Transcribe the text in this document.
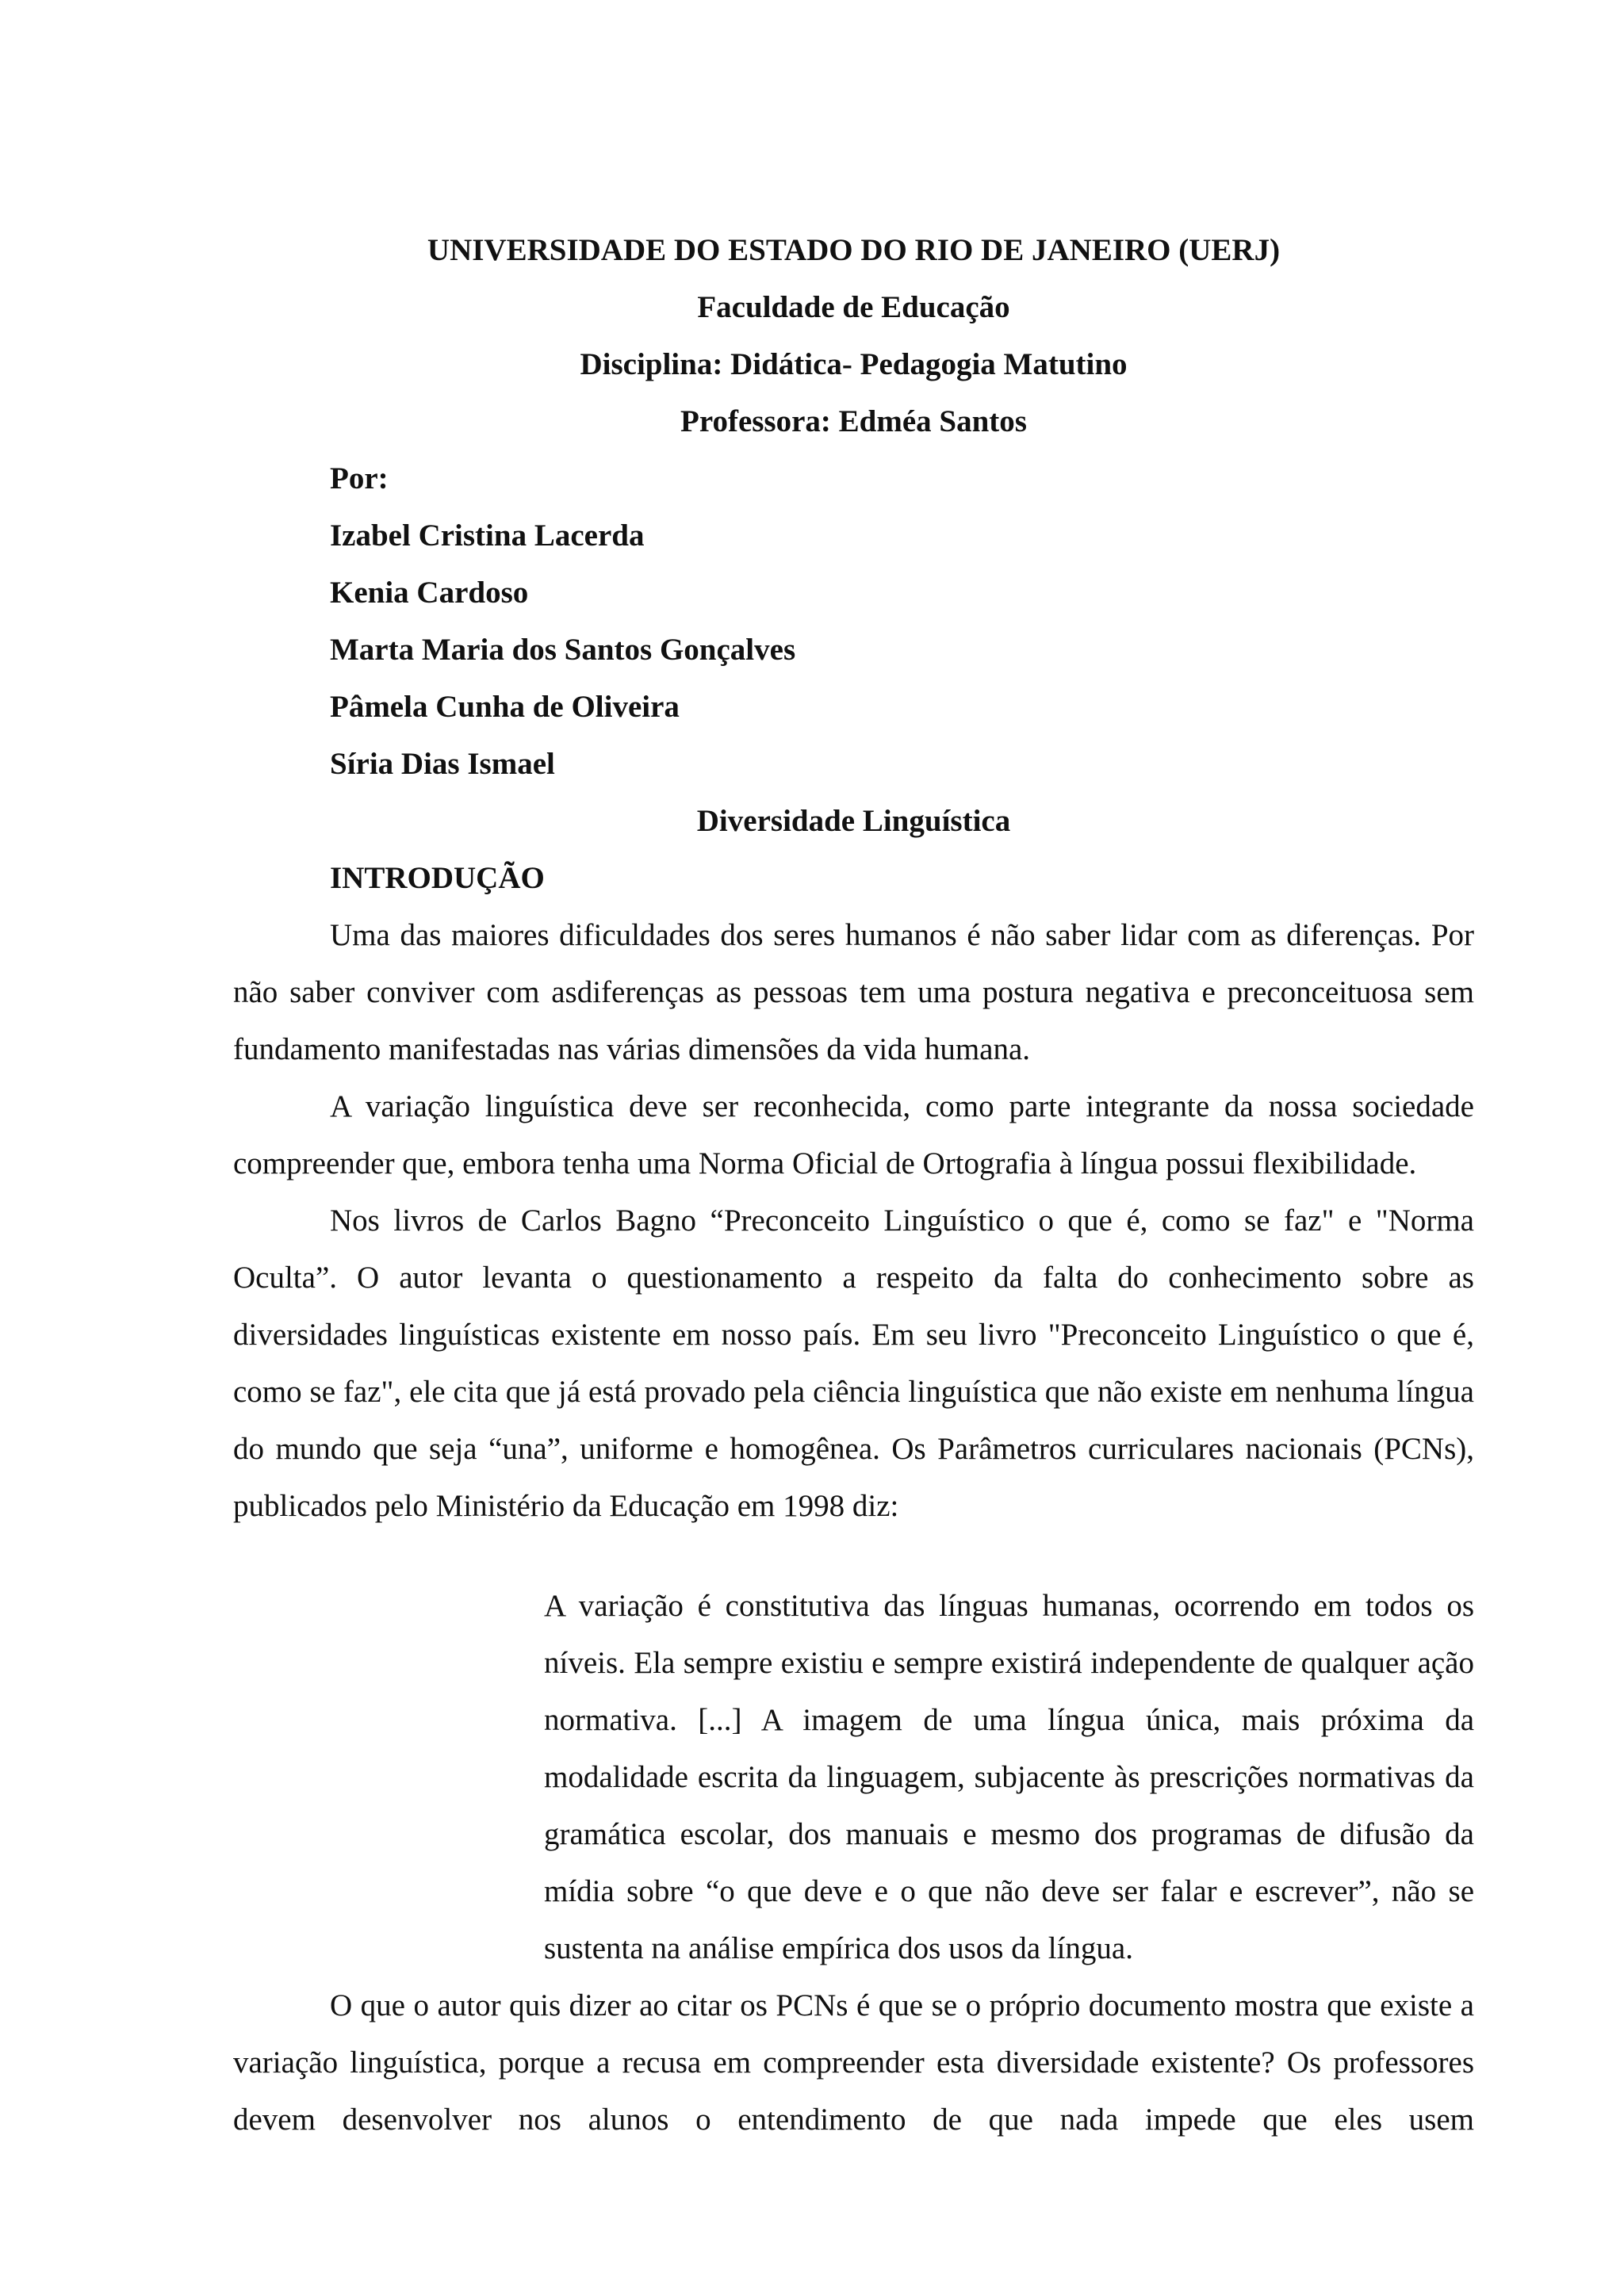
UNIVERSIDADE DO ESTADO DO RIO DE JANEIRO (UERJ)
Faculdade de Educação
Disciplina: Didática- Pedagogia Matutino
Professora: Edméa Santos
Por:
Izabel Cristina Lacerda
Kenia Cardoso
Marta Maria dos Santos Gonçalves
Pâmela Cunha de Oliveira
Síria Dias Ismael
Diversidade Linguística
INTRODUÇÃO

Uma das maiores dificuldades dos seres humanos é não saber lidar com as diferenças. Por não saber conviver com asdiferenças as pessoas tem uma postura negativa e preconceituosa sem fundamento manifestadas nas várias dimensões da vida humana.

A variação linguística deve ser reconhecida, como parte integrante da nossa sociedade compreender que, embora tenha uma Norma Oficial de Ortografia à língua possui flexibilidade.

Nos livros de Carlos Bagno “Preconceito Linguístico o que é, como se faz" e "Norma Oculta”. O autor levanta o questionamento a respeito da falta do conhecimento sobre as diversidades linguísticas existente em nosso país. Em seu livro "Preconceito Linguístico o que é, como se faz", ele cita que já está provado pela ciência linguística que não existe em nenhuma língua do mundo que seja “una”, uniforme e homogênea. Os Parâmetros curriculares nacionais (PCNs), publicados pelo Ministério da Educação em 1998 diz:

A variação é constitutiva das línguas humanas, ocorrendo em todos os níveis. Ela sempre existiu e sempre existirá independente de qualquer ação normativa. [...] A imagem de uma língua única, mais próxima da modalidade escrita da linguagem, subjacente às prescrições normativas da gramática escolar, dos manuais e mesmo dos programas de difusão da mídia sobre “o que deve e o que não deve ser falar e escrever”, não se sustenta na análise empírica dos usos da língua.

O que o autor quis dizer ao citar os PCNs é que se o próprio documento mostra que existe a variação linguística, porque a recusa em compreender esta diversidade existente? Os professores devem desenvolver nos alunos o entendimento de que nada impede que eles usem
